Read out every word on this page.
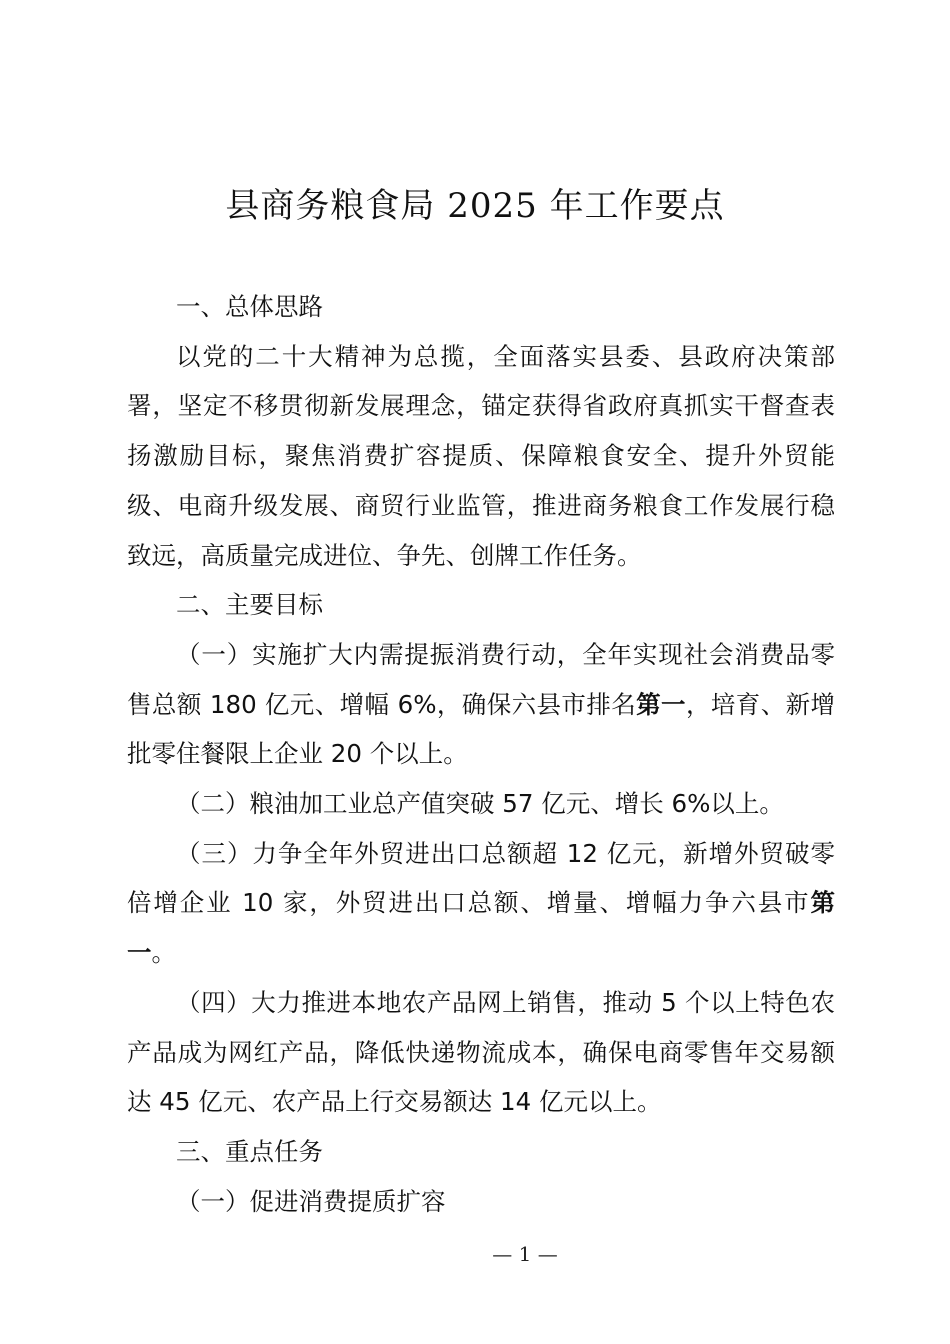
县商务粮食局 2025 年工作要点

一、总体思路

以党的二十大精神为总揽，全面落实县委、县政府决策部署，坚定不移贯彻新发展理念，锚定获得省政府真抓实干督查表扬激励目标，聚焦消费扩容提质、保障粮食安全、提升外贸能级、电商升级发展、商贸行业监管，推进商务粮食工作发展行稳致远，高质量完成进位、争先、创牌工作任务。

二、主要目标

（一）实施扩大内需提振消费行动，全年实现社会消费品零售总额 180 亿元、增幅 6%，确保六县市排名第一，培育、新增批零住餐限上企业 20 个以上。

（二）粮油加工业总产值突破 57 亿元、增长 6%以上。

（三）力争全年外贸进出口总额超 12 亿元，新增外贸破零倍增企业 10 家，外贸进出口总额、增量、增幅力争六县市第一。

（四）大力推进本地农产品网上销售，推动 5 个以上特色农产品成为网红产品，降低快递物流成本，确保电商零售年交易额达 45 亿元、农产品上行交易额达 14 亿元以上。

三、重点任务

（一）促进消费提质扩容

— 1 —
